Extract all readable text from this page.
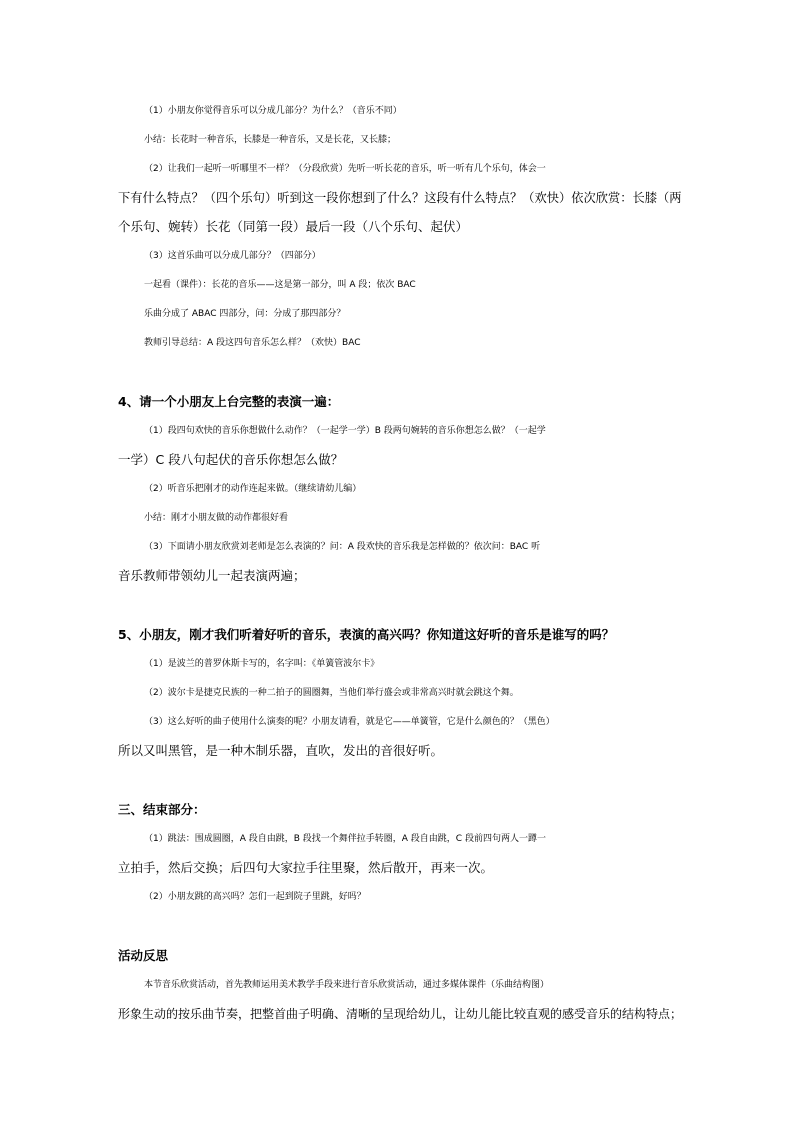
（1）小朋友你觉得音乐可以分成几部分？为什么？（音乐不同）
小结：长花时一种音乐，长膝是一种音乐，又是长花，又长膝；
（2）让我们一起听一听哪里不一样？（分段欣赏）先听一听长花的音乐，听一听有几个乐句，体会一
下有什么特点？（四个乐句）听到这一段你想到了什么？这段有什么特点？（欢快）依次欣赏：长膝（两
个乐句、婉转）长花（同第一段）最后一段（八个乐句、起伏）
（3）这首乐曲可以分成几部分？（四部分）
一起看（课件）：长花的音乐——这是第一部分，叫 A 段；依次 BAC
乐曲分成了 ABAC 四部分，问：分成了那四部分？
教师引导总结：A 段这四句音乐怎么样？（欢快）BAC
4、请一个小朋友上台完整的表演一遍：
（1）段四句欢快的音乐你想做什么动作？（一起学一学）B 段两句婉转的音乐你想怎么做？（一起学
一学）C 段八句起伏的音乐你想怎么做？
（2）听音乐把刚才的动作连起来做。（继续请幼儿编）
小结：刚才小朋友做的动作都很好看
（3）下面请小朋友欣赏刘老师是怎么表演的？问：A 段欢快的音乐我是怎样做的？依次问：BAC 听
音乐教师带领幼儿一起表演两遍；
5、小朋友，刚才我们听着好听的音乐，表演的高兴吗？你知道这好听的音乐是谁写的吗？
（1）是波兰的普罗休斯卡写的，名字叫：《单簧管波尔卡》
（2）波尔卡是捷克民族的一种二拍子的圆圈舞，当他们举行盛会或非常高兴时就会跳这个舞。
（3）这么好听的曲子使用什么演奏的呢？小朋友请看，就是它——单簧管，它是什么颜色的？（黑色）
所以又叫黑管，是一种木制乐器，直吹，发出的音很好听。
三、结束部分：
（1）跳法：围成圆圈，A 段自由跳，B 段找一个舞伴拉手转圈，A 段自由跳，C 段前四句两人一蹲一
立拍手，然后交换；后四句大家拉手往里聚，然后散开，再来一次。
（2）小朋友跳的高兴吗？怎们一起到院子里跳，好吗？
活动反思
本节音乐欣赏活动，首先教师运用美术教学手段来进行音乐欣赏活动，通过多媒体课件（乐曲结构图）
形象生动的按乐曲节奏，把整首曲子明确、清晰的呈现给幼儿，让幼儿能比较直观的感受音乐的结构特点；
